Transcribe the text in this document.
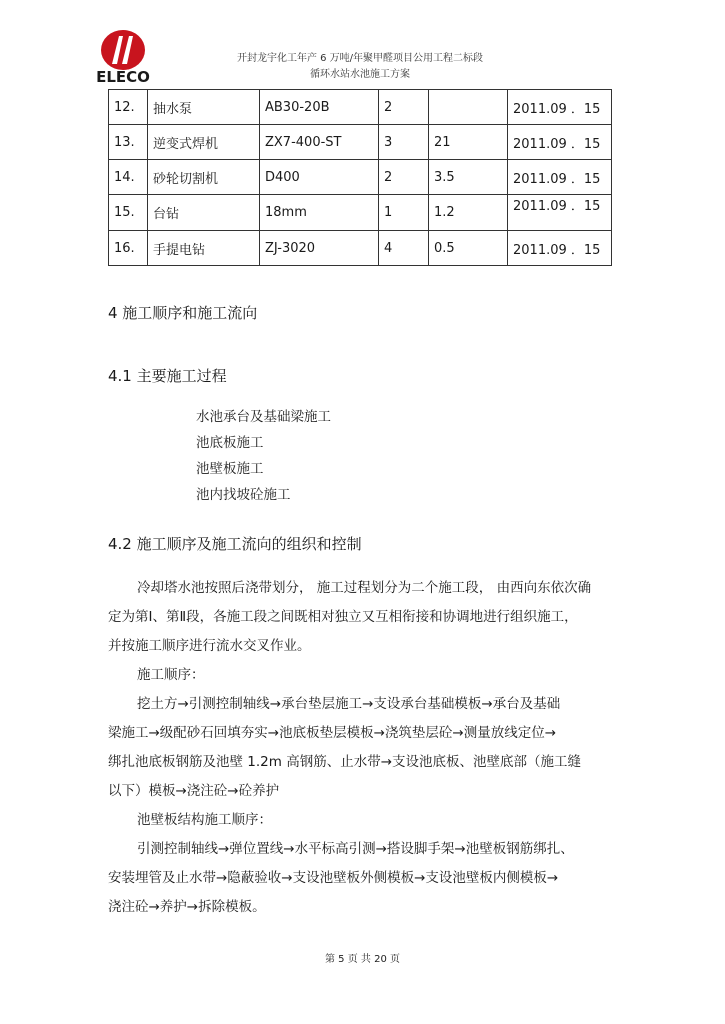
ELECO
开封龙宇化工年产 6 万吨/年聚甲醛项目公用工程二标段
循环水站水池施工方案
12.	抽水泵	AB30-20B	2		2011.09 ．15
13.	逆变式焊机	ZX7-400-ST	3	21	2011.09 ．15
14.	砂轮切割机	D400	2	3.5	2011.09 ．15
15.	台钻	18mm	1	1.2	2011.09 ．15
16.	手提电钻	ZJ-3020	4	0.5	2011.09 ．15
4 施工顺序和施工流向
4.1 主要施工过程
水池承台及基础梁施工
池底板施工
池壁板施工
池内找坡砼施工
4.2 施工顺序及施工流向的组织和控制
冷却塔水池按照后浇带划分， 施工过程划分为二个施工段， 由西向东依次确
定为第Ⅰ、第Ⅱ段，各施工段之间既相对独立又互相衔接和协调地进行组织施工，
并按施工顺序进行流水交叉作业。
施工顺序：
挖土方→引测控制轴线→承台垫层施工→支设承台基础模板→承台及基础
梁施工→级配砂石回填夯实→池底板垫层模板→浇筑垫层砼→测量放线定位→
绑扎池底板钢筋及池壁 1.2m 高钢筋、止水带→支设池底板、池壁底部（施工缝
以下）模板→浇注砼→砼养护
池壁板结构施工顺序：
引测控制轴线→弹位置线→水平标高引测→搭设脚手架→池壁板钢筋绑扎、
安装埋管及止水带→隐蔽验收→支设池壁板外侧模板→支设池壁板内侧模板→
浇注砼→养护→拆除模板。
第 5 页 共 20 页
